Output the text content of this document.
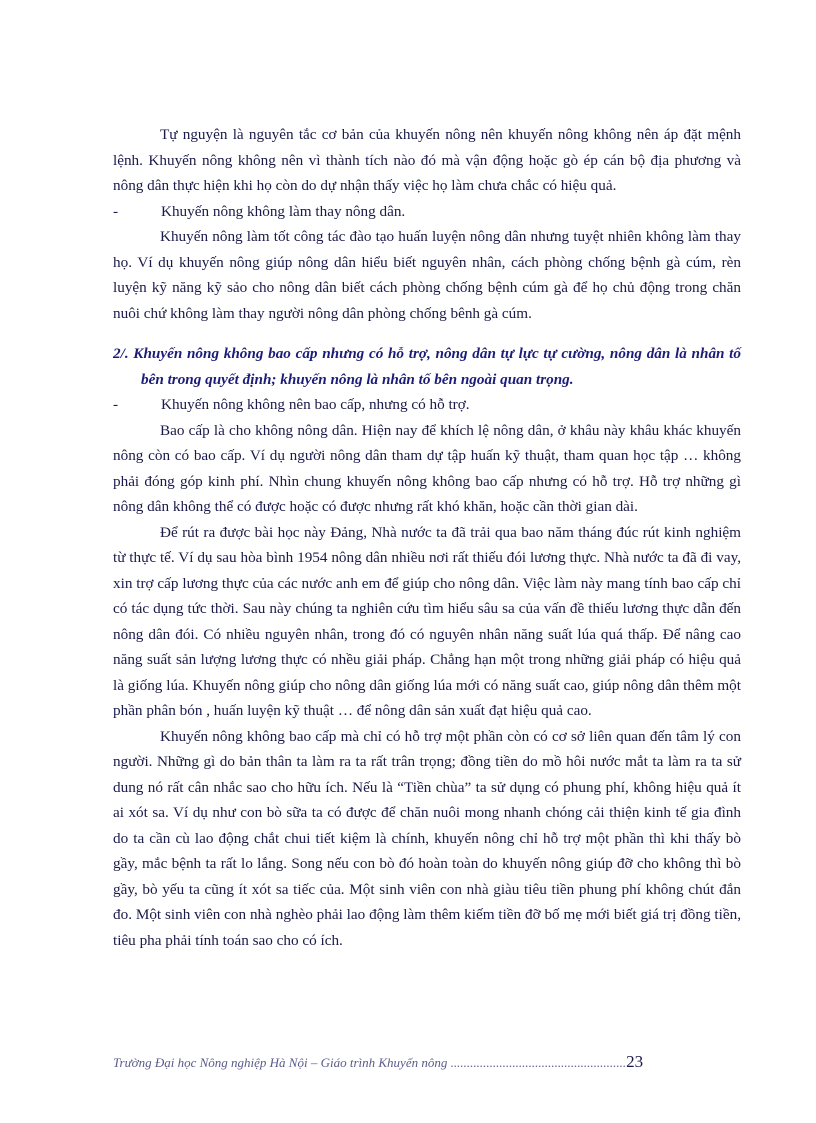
Tự nguyện là nguyên tắc cơ bản của khuyến nông nên khuyến nông không nên áp đặt mệnh lệnh. Khuyến nông không nên vì thành tích nào đó mà vận động hoặc gò ép cán bộ địa phương và nông dân thực hiện khi họ còn do dự nhận thấy việc họ làm chưa chắc có hiệu quả.

-	Khuyến nông không làm thay nông dân.

Khuyến nông làm tốt công tác đào tạo huấn luyện nông dân nhưng tuyệt nhiên không làm thay họ. Ví dụ khuyến nông giúp nông dân hiểu biết nguyên nhân, cách phòng chống bệnh gà cúm, rèn luyện kỹ năng kỹ sảo cho nông dân biết cách phòng chống bệnh cúm gà để họ chủ động trong chăn nuôi chứ không làm thay người nông dân phòng chống bênh gà cúm.

2/. Khuyến nông không bao cấp nhưng có hỗ trợ, nông dân tự lực tự cường, nông dân là nhân tố bên trong quyết định; khuyến nông là nhân tố bên ngoài quan trọng.

-	Khuyến nông không nên bao cấp, nhưng có hỗ trợ.

Bao cấp là cho không nông dân. Hiện nay để khích lệ nông dân, ở khâu này khâu khác khuyến nông còn có bao cấp. Ví dụ người nông dân tham dự tập huấn kỹ thuật, tham quan học tập … không phải đóng góp kinh phí. Nhìn chung khuyến nông không bao cấp nhưng có hỗ trợ. Hỗ trợ những gì nông dân không thể có được hoặc có được nhưng rất khó khăn, hoặc cần thời gian dài.

Để rút ra được bài học này Đảng, Nhà nước ta đã trải qua bao năm tháng đúc rút kinh nghiệm từ thực tế. Ví dụ sau hòa bình 1954 nông dân nhiều nơi rất thiếu đói lương thực. Nhà nước ta đã đi vay, xin trợ cấp lương thực của các nước anh em để giúp cho nông dân. Việc làm này mang tính bao cấp chỉ có tác dụng tức thời. Sau này chúng ta nghiên cứu tìm hiểu sâu sa của vấn đề thiếu lương thực dẫn đến nông dân đói. Có nhiều nguyên nhân, trong đó có nguyên nhân năng suất lúa quá thấp. Để nâng cao năng suất sản lượng lương thực có nhều giải pháp. Chẳng hạn một trong những giải pháp có hiệu quả là giống lúa. Khuyến nông giúp cho nông dân giống lúa mới có năng suất cao, giúp nông dân thêm một phần phân bón , huấn luyện kỹ thuật … để nông dân sản xuất đạt hiệu quả cao.

Khuyến nông không bao cấp mà chỉ có hỗ trợ một phần còn có cơ sở liên quan đến tâm lý con người. Những gì do bản thân ta làm ra ta rất trân trọng; đồng tiền do mồ hôi nước mắt ta làm ra ta sử dung nó rất cân nhắc sao cho hữu ích. Nếu là “Tiền chùa” ta sử dụng có phung phí, không hiệu quả ít ai xót sa. Ví dụ như con bò sữa ta có được để chăn nuôi mong nhanh chóng cải thiện kinh tế gia đình do ta cần cù lao động chắt chui tiết kiệm là chính, khuyến nông chỉ hỗ trợ một phần thì khi thấy bò gầy, mắc bệnh ta rất lo lắng. Song nếu con bò đó hoàn toàn do khuyến nông giúp đỡ cho không thì bò gầy, bò yếu ta cũng ít xót sa tiếc của. Một sinh viên con nhà giàu tiêu tiền phung phí không chút đắn đo. Một sinh viên con nhà nghèo phải lao động làm thêm kiếm tiền đỡ bố mẹ mới biết giá trị đồng tiền, tiêu pha phải tính toán sao cho có ích.

Trường Đại học Nông nghiệp Hà Nội – Giáo trình Khuyến nông ......................................................23
